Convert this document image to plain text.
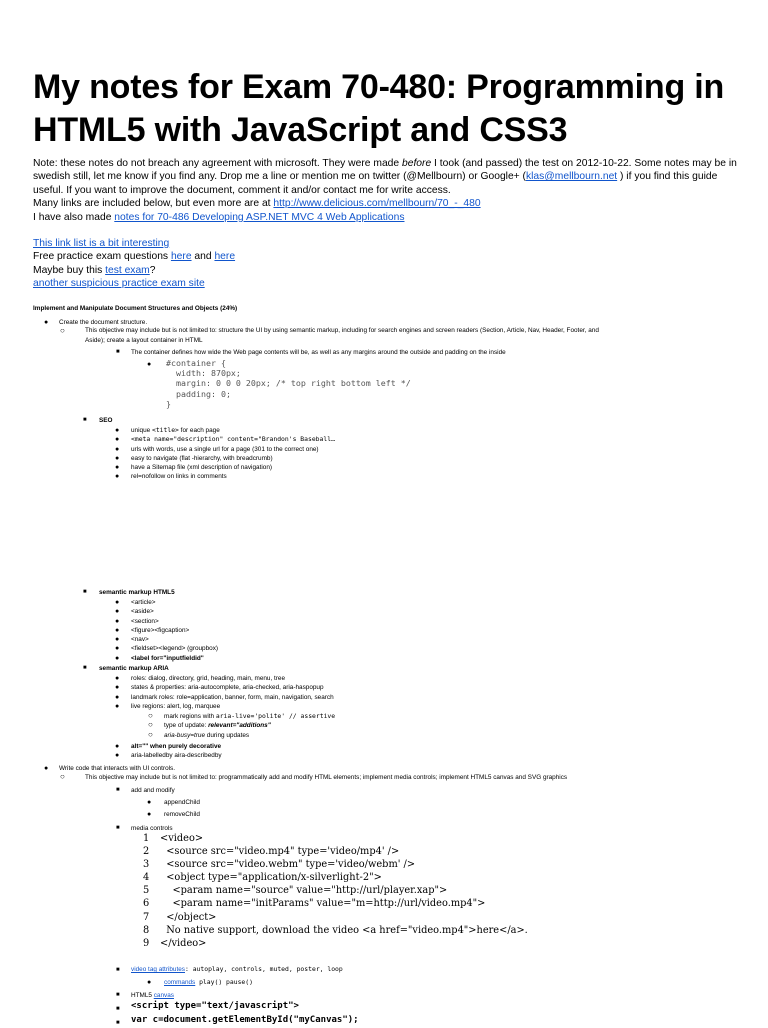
My notes for Exam 70-480: Programming in HTML5 with JavaScript and CSS3

Note: these notes do not breach any agreement with microsoft. They were made before I took (and passed) the test on 2012-10-22. Some notes may be in swedish still, let me know if you find any. Drop me a line or mention me on twitter (@Mellbourn) or Google+ (klas@mellbourn.net ) if you find this guide useful. If you want to improve the document, comment it and/or contact me for write access.

Many links are included below, but even more are at http://www.delicious.com/mellbourn/70_-_480

I have also made notes for 70-486 Developing ASP.NET MVC 4 Web Applications

This link list is a bit interesting

Free practice exam questions here and here

Maybe buy this test exam?

another suspicious practice exam site

Implement and Manipulate Document Structures and Objects (24%)
● Create the document structure.
○	This objective may include but is not limited to: structure the UI by using semantic markup, including for search engines and screen readers (Section, Article, Nav, Header, Footer, and
Aside); create a layout container in HTML
■ The container defines how wide the Web page contents will be, as well as any margins around the outside and padding on the inside
● #container {
width: 870px;
margin: 0 0 0 20px; /* top right bottom left */
padding: 0;
}
■ SEO
● unique <title> for each page
● <meta name="description" content="Brandon's Baseball…
● urls with words, use a single url for a page (301 to the correct one)
● easy to navigate (flat -hierarchy, with breadcrumb)
● have a Sitemap file (xml description of navigation)
● rel=nofollow on links in comments
■ semantic markup HTML5
● <article>
● <aside>
● <section>
● <figure><figcaption>
● <nav>
● <fieldset><legend> (groupbox)
● <label for="inputfieldid"
■ semantic markup ARIA
● roles: dialog, directory, grid, heading, main, menu, tree
● states & properties: aria-autocomplete, aria-checked, aria-haspopup
● landmark roles: role=application, banner, form, main, navigation, search
● live regions: alert, log, marquee
○ mark regions with aria-live='polite' // assertive
○ type of update: relevant="additions"
○ aria-busy=true during updates
● alt="" when purely decorative
● aria-labelledby aira-describedby
● Write code that interacts with UI controls.
○	This objective may include but is not limited to: programmatically add and modify HTML elements; implement media controls; implement HTML5 canvas and SVG graphics
■ add and modify
● appendChild
● removeChild
■ media controls
1 <video>
2 <source src="video.mp4" type='video/mp4' />
3 <source src="video.webm" type='video/webm' />
4 <object type="application/x-silverlight-2">
5 <param name="source" value="http://url/player.xap">
6 <param name="initParams" value="m=http://url/video.mp4">
7 </object>
8 No native support, download the video <a href="video.mp4">here</a>.
9 </video>
■ video tag attributes: autoplay, controls, muted, poster, loop
● commands play() pause()
■ HTML5 canvas
■ <script type="text/javascript">
■ var c=document.getElementById("myCanvas");
